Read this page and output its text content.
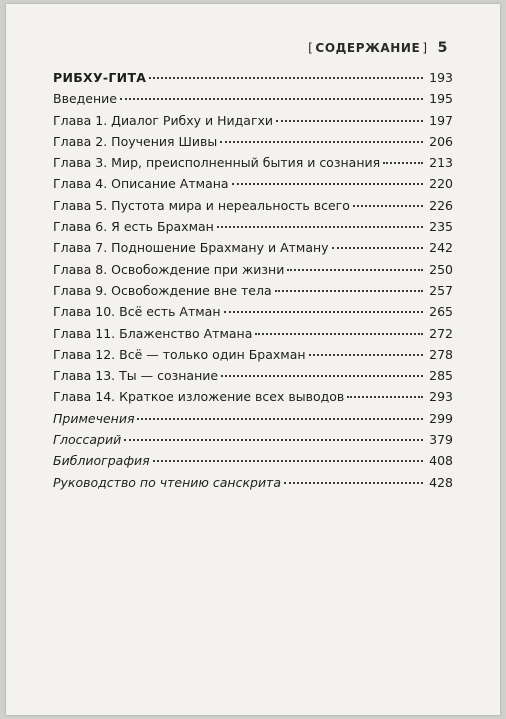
[ СОДЕРЖАНИЕ ] 5
РИБХУ-ГИТА	193
Введение	195
Глава 1. Диалог Рибху и Нидагхи	197
Глава 2. Поучения Шивы	206
Глава 3. Мир, преисполненный бытия и сознания	213
Глава 4. Описание Атмана	220
Глава 5. Пустота мира и нереальность всего	226
Глава 6. Я есть Брахман	235
Глава 7. Подношение Брахману и Атману	242
Глава 8. Освобождение при жизни	250
Глава 9. Освобождение вне тела	257
Глава 10. Всё есть Атман	265
Глава 11. Блаженство Атмана	272
Глава 12. Всё — только один Брахман	278
Глава 13. Ты — сознание	285
Глава 14. Краткое изложение всех выводов	293
Примечения	299
Глоссарий	379
Библиография	408
Руководство по чтению санскрита	428
